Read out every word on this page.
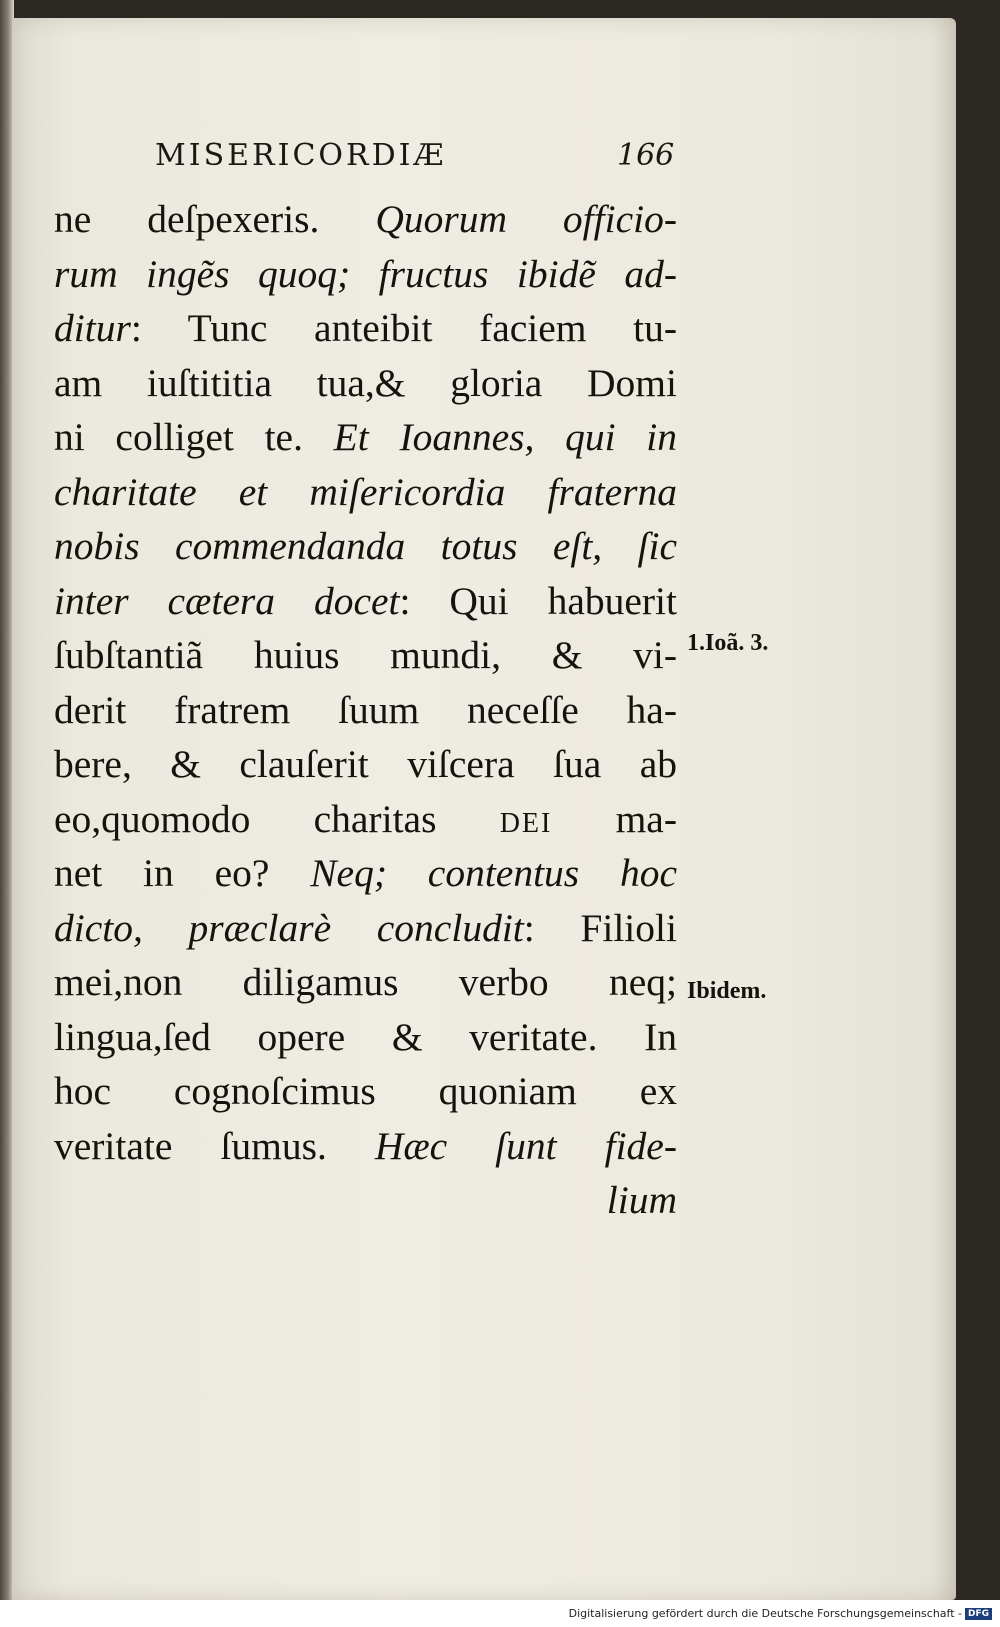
MISERICORDIÆ	166
ne deſpexeris. Quorum officio-
rum ingẽs quoq; fructus ibidẽ ad-
ditur: Tunc anteibit faciem tu-
am iuſtititia tua,& gloria Domi
ni colliget te. Et Ioannes, qui in
charitate et miſericordia fraterna
nobis commendanda totus eſt, ſic
inter cætera docet: Qui habuerit
ſubſtantiã huius mundi, & vi-
derit fratrem ſuum neceſſe ha-
bere, & clauſerit viſcera ſua ab
eo,quomodo charitas dei ma-
net in eo? Neq; contentus hoc
dicto, præclarè concludit: Filioli
mei,non diligamus verbo neq;
lingua,ſed opere & veritate. In
hoc cognoſcimus quoniam ex
veritate ſumus. Hæc ſunt fide-
lium
1.Ioã. 3.
Ibidem.
Digitalisierung gefördert durch die Deutsche Forschungsgemeinschaft - DFG
